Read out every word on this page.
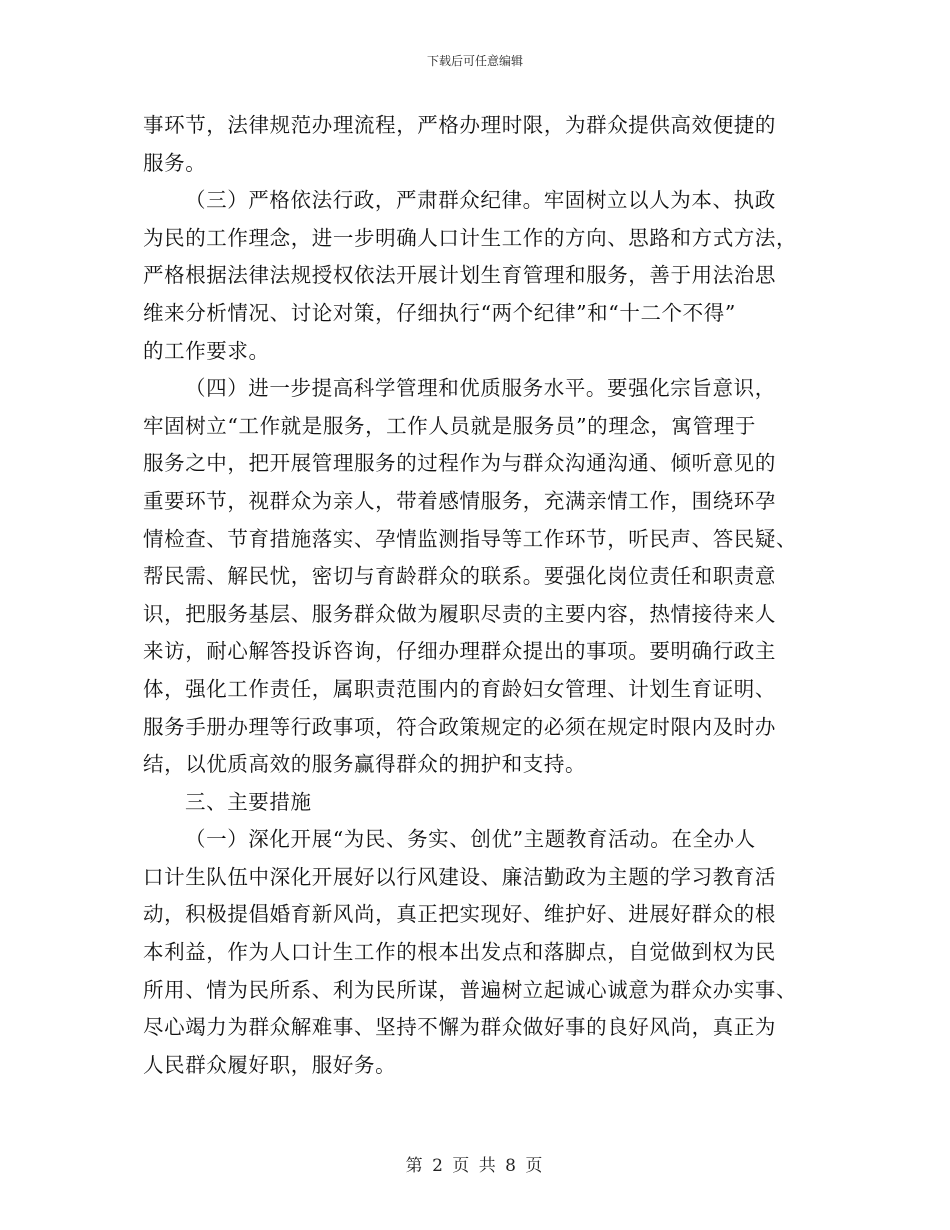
下载后可任意编辑
事环节，法律规范办理流程，严格办理时限，为群众提供高效便捷的
服务。
（三）严格依法行政，严肃群众纪律。牢固树立以人为本、执政
为民的工作理念，进一步明确人口计生工作的方向、思路和方式方法，
严格根据法律法规授权依法开展计划生育管理和服务，善于用法治思
维来分析情况、讨论对策，仔细执行“两个纪律”和“十二个不得”
的工作要求。
（四）进一步提高科学管理和优质服务水平。要强化宗旨意识，
牢固树立“工作就是服务，工作人员就是服务员”的理念，寓管理于
服务之中，把开展管理服务的过程作为与群众沟通沟通、倾听意见的
重要环节，视群众为亲人，带着感情服务，充满亲情工作，围绕环孕
情检查、节育措施落实、孕情监测指导等工作环节，听民声、答民疑、
帮民需、解民忧，密切与育龄群众的联系。要强化岗位责任和职责意
识，把服务基层、服务群众做为履职尽责的主要内容，热情接待来人
来访，耐心解答投诉咨询，仔细办理群众提出的事项。要明确行政主
体，强化工作责任，属职责范围内的育龄妇女管理、计划生育证明、
服务手册办理等行政事项，符合政策规定的必须在规定时限内及时办
结，以优质高效的服务赢得群众的拥护和支持。
三、主要措施
（一）深化开展“为民、务实、创优”主题教育活动。在全办人
口计生队伍中深化开展好以行风建设、廉洁勤政为主题的学习教育活
动，积极提倡婚育新风尚，真正把实现好、维护好、进展好群众的根
本利益，作为人口计生工作的根本出发点和落脚点，自觉做到权为民
所用、情为民所系、利为民所谋，普遍树立起诚心诚意为群众办实事、
尽心竭力为群众解难事、坚持不懈为群众做好事的良好风尚，真正为
人民群众履好职，服好务。
第 2 页 共 8 页
